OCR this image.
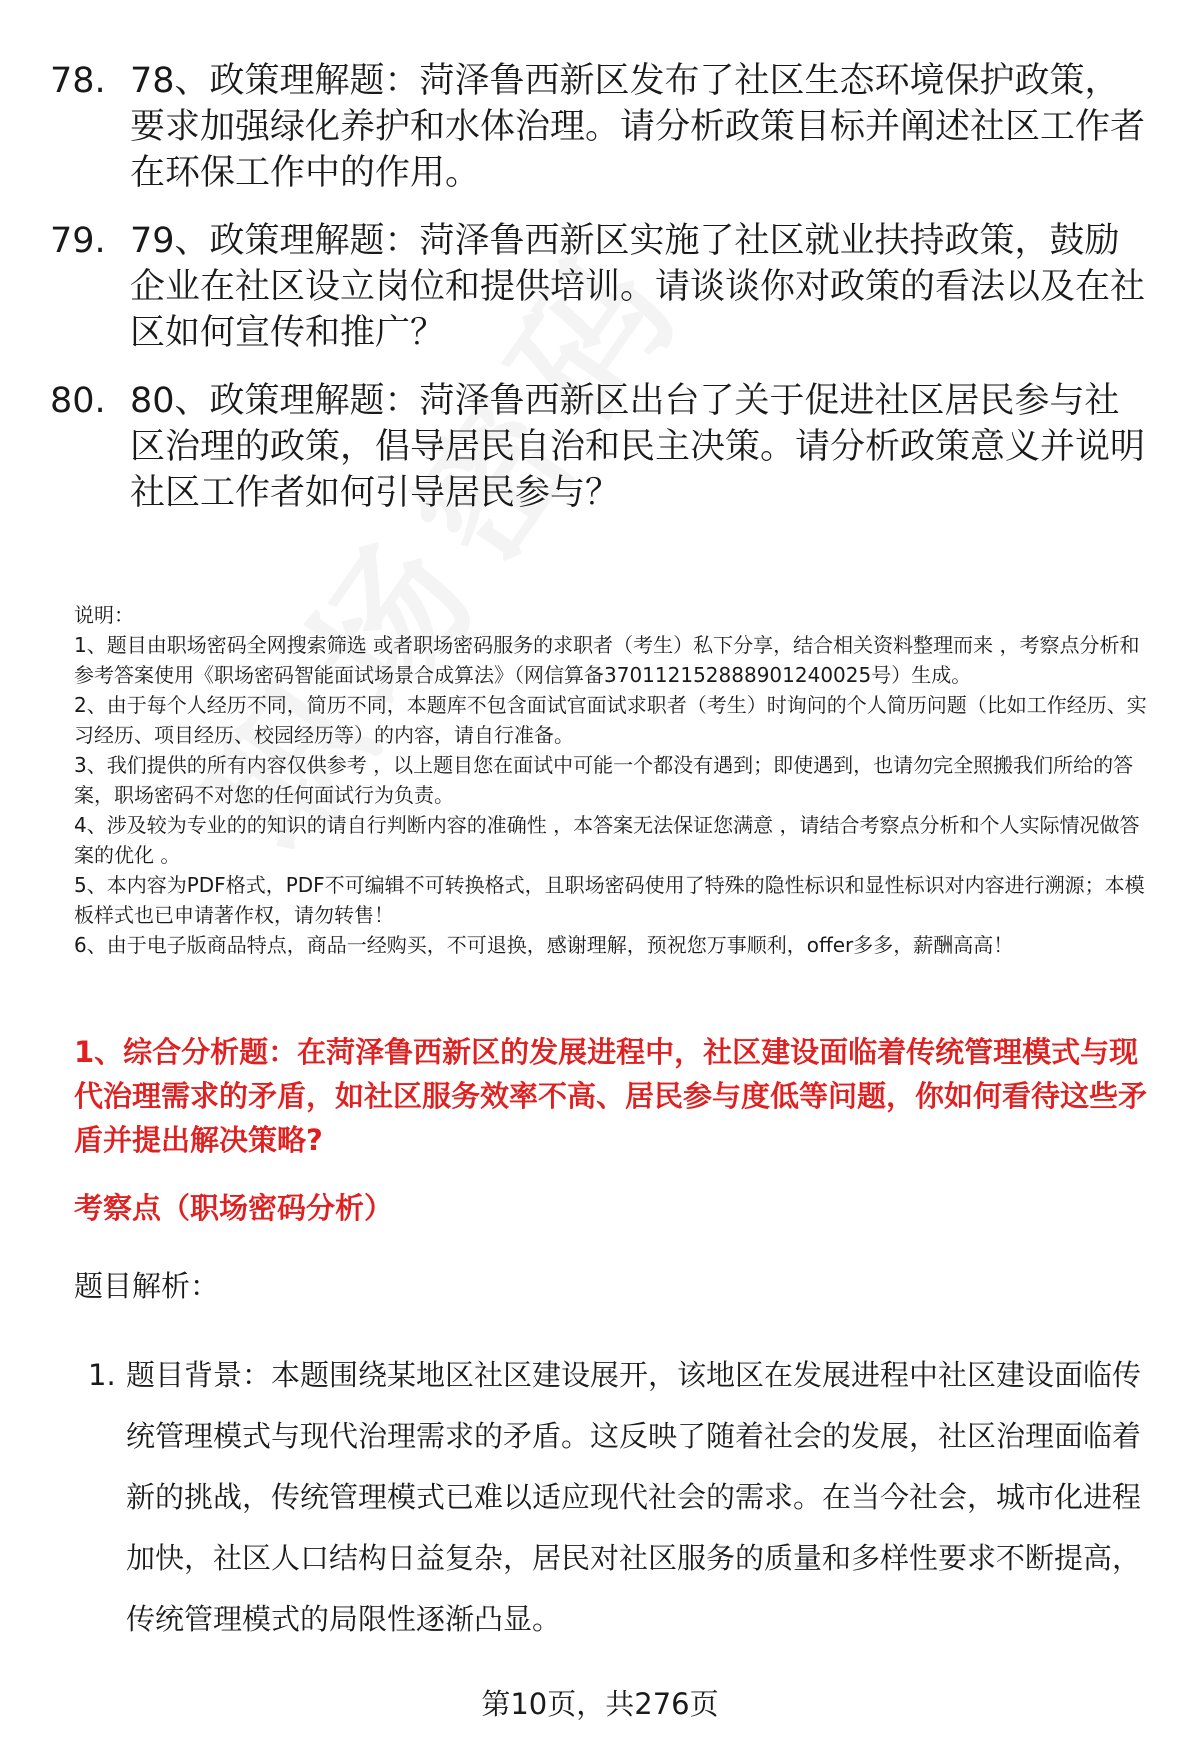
78. 78、政策理解题：菏泽鲁西新区发布了社区生态环境保护政策，要求加强绿化养护和水体治理。请分析政策目标并阐述社区工作者在环保工作中的作用。
79. 79、政策理解题：菏泽鲁西新区实施了社区就业扶持政策，鼓励企业在社区设立岗位和提供培训。请谈谈你对政策的看法以及在社区如何宣传和推广？
80. 80、政策理解题：菏泽鲁西新区出台了关于促进社区居民参与社区治理的政策，倡导居民自治和民主决策。请分析政策意义并说明社区工作者如何引导居民参与？

说明：

1、题目由职场密码全网搜索筛选 或者职场密码服务的求职者（考生）私下分享，结合相关资料整理而来 ，考察点分析和参考答案使用《职场密码智能面试场景合成算法》（网信算备370112152888901240025号）生成。

2、由于每个人经历不同，简历不同，本题库不包含面试官面试求职者（考生）时询问的个人简历问题（比如工作经历、实习经历、项目经历、校园经历等）的内容，请自行准备。

3、我们提供的所有内容仅供参考 ，以上题目您在面试中可能一个都没有遇到；即使遇到，也请勿完全照搬我们所给的答案，职场密码不对您的任何面试行为负责。

4、涉及较为专业的的知识的请自行判断内容的准确性 ，本答案无法保证您满意 ，请结合考察点分析和个人实际情况做答案的优化 。

5、本内容为PDF格式，PDF不可编辑不可转换格式，且职场密码使用了特殊的隐性标识和显性标识对内容进行溯源；本模板样式也已申请著作权，请勿转售！

6、由于电子版商品特点，商品一经购买，不可退换，感谢理解，预祝您万事顺利，offer多多，薪酬高高！

1、综合分析题：在菏泽鲁西新区的发展进程中，社区建设面临着传统管理模式与现代治理需求的矛盾，如社区服务效率不高、居民参与度低等问题，你如何看待这些矛盾并提出解决策略?
考察点（职场密码分析）
题目解析：
1. 题目背景：本题围绕某地区社区建设展开，该地区在发展进程中社区建设面临传统管理模式与现代治理需求的矛盾。这反映了随着社会的发展，社区治理面临着新的挑战，传统管理模式已难以适应现代社会的需求。在当今社会，城市化进程加快，社区人口结构日益复杂，居民对社区服务的质量和多样性要求不断提高，传统管理模式的局限性逐渐凸显。
第10页，共276页
